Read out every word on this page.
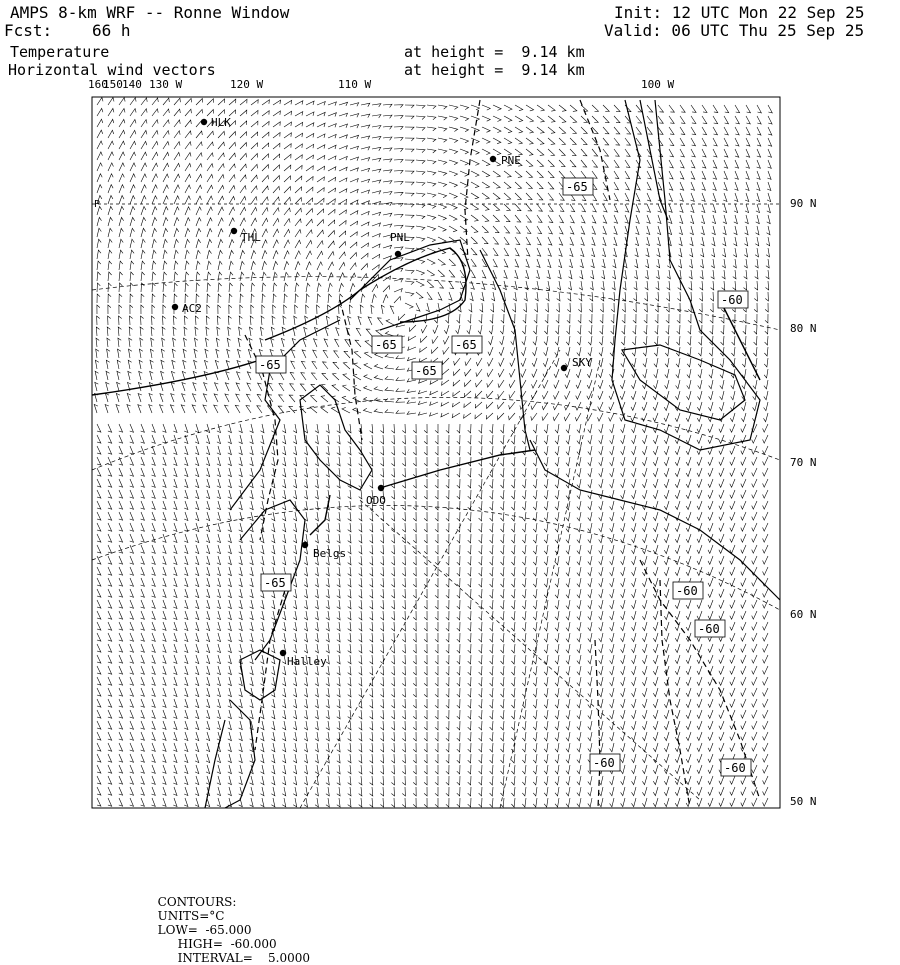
AMPS 8-km WRF -- Ronne Window
Fcst: 66 h
Init: 12 UTC Mon 22 Sep 25
Valid: 06 UTC Thu 25 Sep 25
Temperature	at height =  9.14 km
Horizontal wind vectors	at height =  9.14 km
160
150 140 130 W	120 W	110 W	100 W
90 N
80 N
70 N
60 N
50 N
HLK
PNE
THL	PNL
AC2
SKY
ODO
Belgs
Halley
-65
-60
-65
-65
-65
-65
-60
-65
-60
-60	-60
P

CONTOURS:
UNITS=°C
LOW=  -65.000
HIGH=  -60.000
INTERVAL=    5.0000
